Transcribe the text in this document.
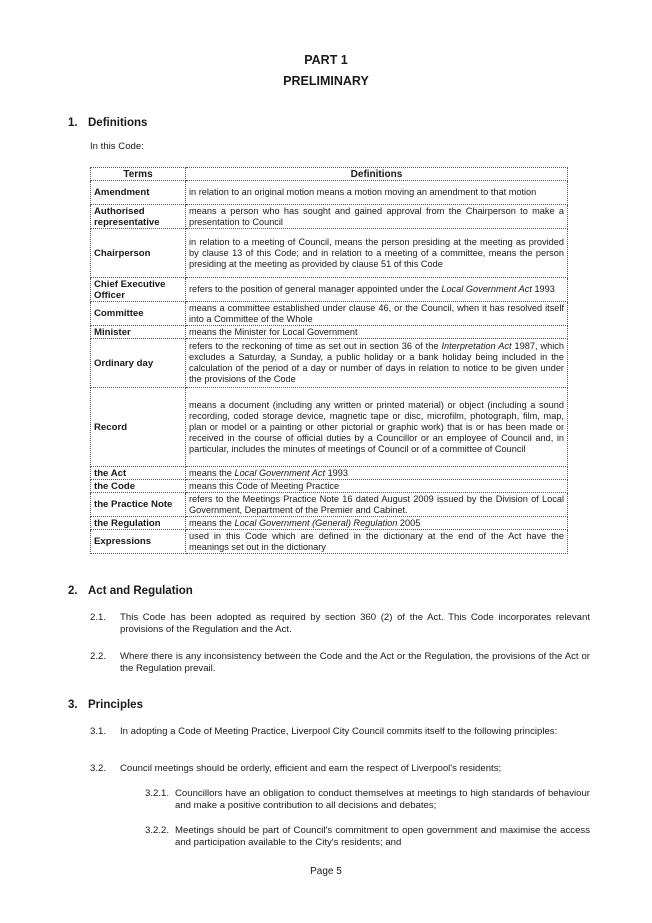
PART 1
PRELIMINARY
1. Definitions
In this Code:
Terms	Definitions
Amendment	in relation to an original motion means a motion moving an amendment to that motion
Authorised representative	means a person who has sought and gained approval from the Chairperson to make a presentation to Council
Chairperson	in relation to a meeting of Council, means the person presiding at the meeting as provided by clause 13 of this Code; and in relation to a meeting of a committee, means the person presiding at the meeting as provided by clause 51 of this Code
Chief Executive Officer	refers to the position of general manager appointed under the Local Government Act 1993
Committee	means a committee established under clause 46, or the Council, when it has resolved itself into a Committee of the Whole
Minister	means the Minister for Local Government
Ordinary day	refers to the reckoning of time as set out in section 36 of the Interpretation Act 1987, which excludes a Saturday, a Sunday, a public holiday or a bank holiday being included in the calculation of the period of a day or number of days in relation to notice to be given under the provisions of the Code
Record	means a document (including any written or printed material) or object (including a sound recording, coded storage device, magnetic tape or disc, microfilm, photograph, film, map, plan or model or a painting or other pictorial or graphic work) that is or has been made or received in the course of official duties by a Councillor or an employee of Council and, in particular, includes the minutes of meetings of Council or of a committee of Council
the Act	means the Local Government Act 1993
the Code	means this Code of Meeting Practice
the Practice Note	refers to the Meetings Practice Note 16 dated August 2009 issued by the Division of Local Government, Department of the Premier and Cabinet.
the Regulation	means the Local Government (General) Regulation 2005
Expressions	used in this Code which are defined in the dictionary at the end of the Act have the meanings set out in the dictionary
2. Act and Regulation
2.1. This Code has been adopted as required by section 360 (2) of the Act. This Code incorporates relevant provisions of the Regulation and the Act.
2.2. Where there is any inconsistency between the Code and the Act or the Regulation, the provisions of the Act or the Regulation prevail.
3. Principles
3.1. In adopting a Code of Meeting Practice, Liverpool City Council commits itself to the following principles:
3.2. Council meetings should be orderly, efficient and earn the respect of Liverpool's residents;
3.2.1. Councillors have an obligation to conduct themselves at meetings to high standards of behaviour and make a positive contribution to all decisions and debates;
3.2.2. Meetings should be part of Council's commitment to open government and maximise the access and participation available to the City's residents; and
Page 5
